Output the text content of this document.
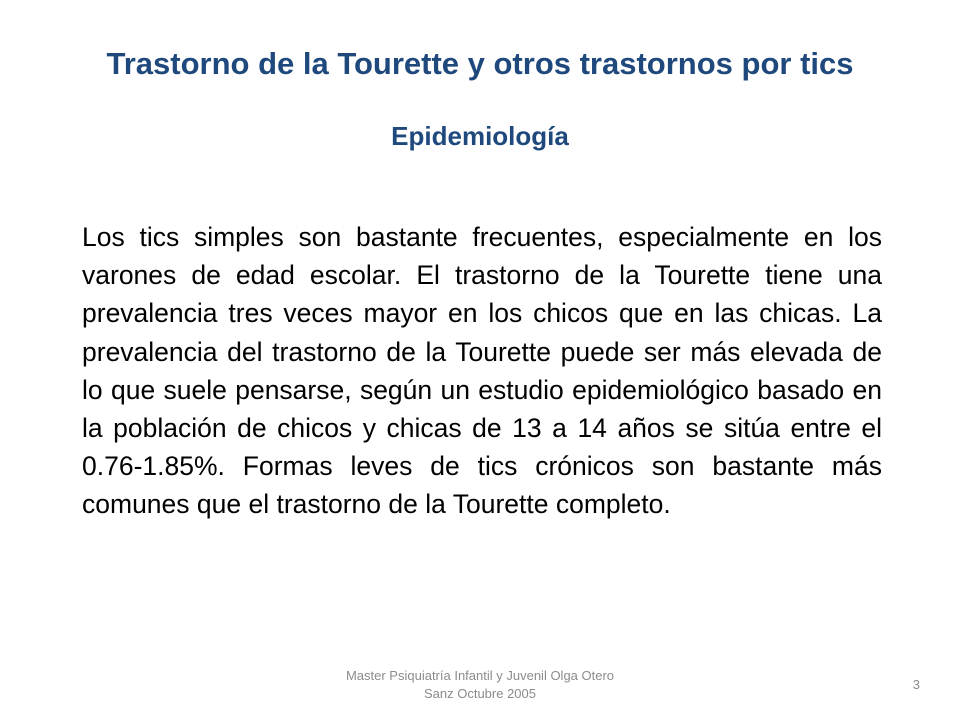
Trastorno de la Tourette y otros trastornos por tics
Epidemiología
Los tics simples son bastante frecuentes, especialmente en los varones de edad escolar. El trastorno de la Tourette tiene una prevalencia tres veces mayor en los chicos que en las chicas. La prevalencia del trastorno de la Tourette puede ser más elevada de lo que suele pensarse, según un estudio epidemiológico basado en la población de chicos y chicas de 13 a 14 años se sitúa entre el 0.76-1.85%. Formas leves de tics crónicos son bastante más comunes que el trastorno de la Tourette completo.
Master Psiquiatría Infantil y Juvenil Olga Otero Sanz Octubre 2005
3
